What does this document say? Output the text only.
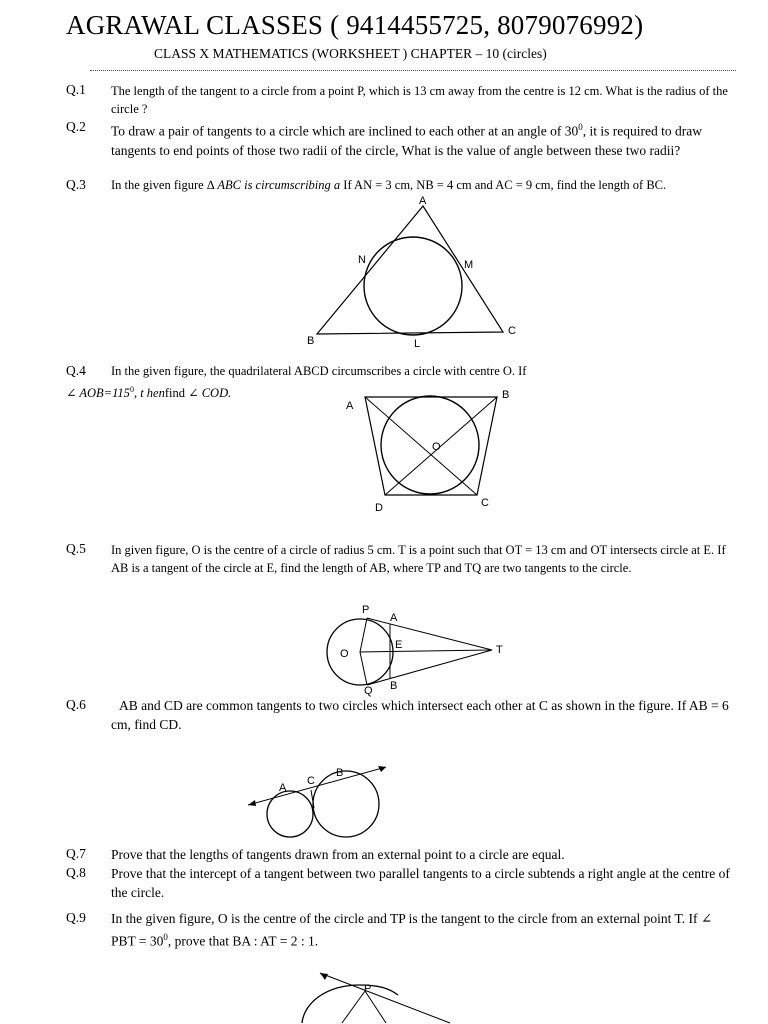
AGRAWAL CLASSES ( 9414455725, 8079076992)
CLASS X MATHEMATICS (WORKSHEET ) CHAPTER – 10 (circles)
Q.1 The length of the tangent to a circle from a point P, which is 13 cm away from the centre is 12 cm. What is the radius of the circle ?
Q.2 To draw a pair of tangents to a circle which are inclined to each other at an angle of $30^0$, it is required to draw tangents to end points of those two radii of the circle, What is the value of angle between these two radii?
Q.3 In the given figure ∆ ABC is circumscribing a If AN = 3 cm, NB = 4 cm and AC = 9 cm, find the length of BC.
A
N	M
B
C
L
Q.4 In the given figure, the quadrilateral ABCD circumscribes a circle with centre O. If
∠ $AOB=115^0$, t henfind ∠ COD.
A
B
O
D	C
Q.5 In given figure, O is the centre of a circle of radius 5 cm. T is a point such that OT = 13 cm and OT intersects circle at E. If AB is a tangent of the circle at E, find the length of AB, where TP and TQ are two tangents to the circle.
P
A
E
O	T
Q B
Q.6	AB and CD are common tangents to two circles which intersect each other at C as shown in the figure. If AB = 6 cm, find CD.
A
C
B
Q.7 Prove that the lengths of tangents drawn from an external point to a circle are equal.
Q.8 Prove that the intercept of a tangent between two parallel tangents to a circle subtends a right angle at the centre of the circle.
Q.9 In the given figure, O is the centre of the circle and TP is the tangent to the circle from an external point T. If ∠ PBT = $30^0$, prove that BA : AT = 2 : 1.
P
